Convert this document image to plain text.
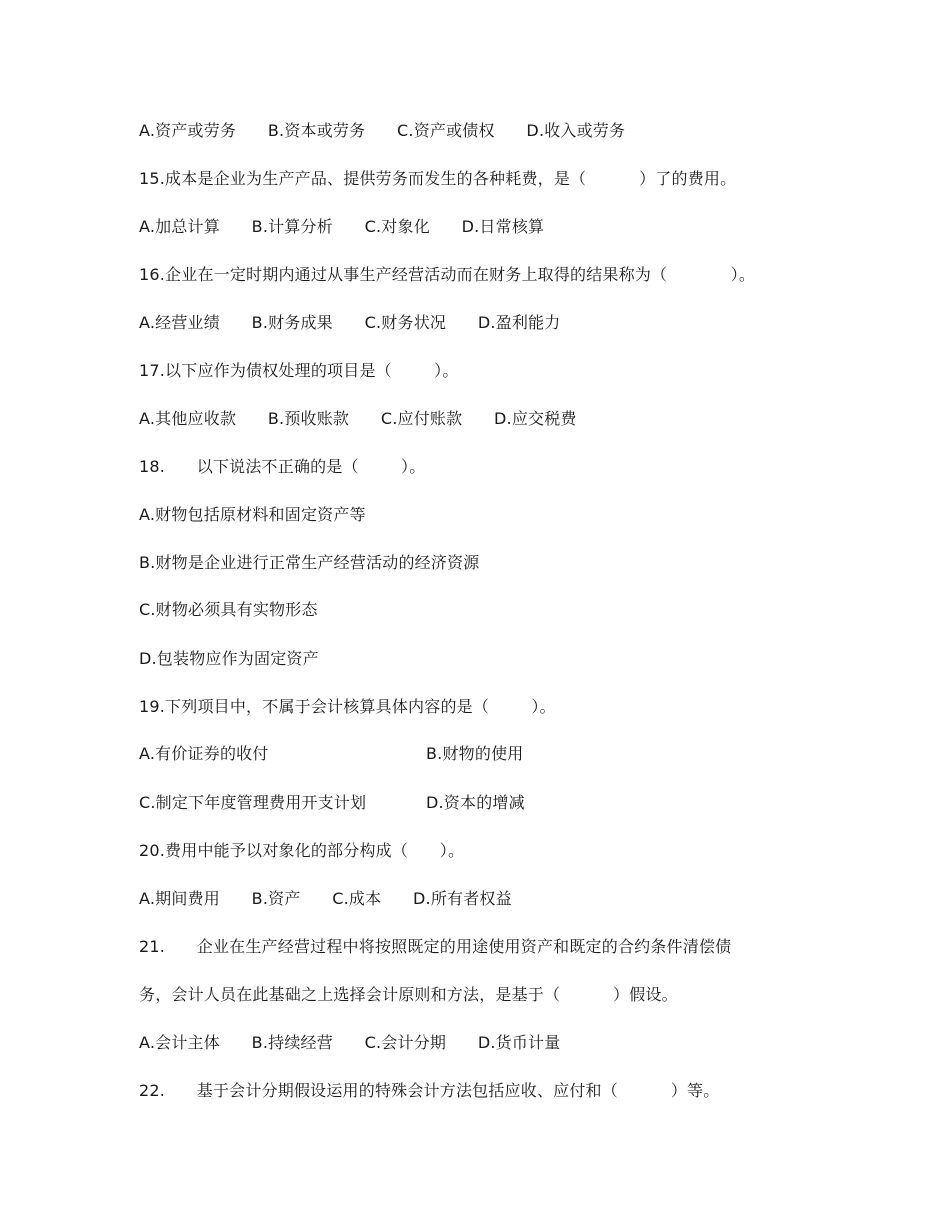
A.资产或劳务      B.资本或劳务      C.资产或债权      D.收入或劳务
15.成本是企业为生产产品、提供劳务而发生的各种耗费，是（          ）了的费用。
A.加总计算      B.计算分析      C.对象化      D.日常核算
16.企业在一定时期内通过从事生产经营活动而在财务上取得的结果称为（            ）。
A.经营业绩      B.财务成果      C.财务状况      D.盈利能力
17.以下应作为债权处理的项目是（        ）。
A.其他应收款      B.预收账款      C.应付账款      D.应交税费
18.      以下说法不正确的是（        ）。
A.财物包括原材料和固定资产等
B.财物是企业进行正常生产经营活动的经济资源
C.财物必须具有实物形态
D.包装物应作为固定资产
19.下列项目中，不属于会计核算具体内容的是（        ）。
A.有价证券的收付	B.财物的使用
C.制定下年度管理费用开支计划	D.资本的增减
20.费用中能予以对象化的部分构成（      ）。
A.期间费用      B.资产      C.成本      D.所有者权益
21.      企业在生产经营过程中将按照既定的用途使用资产和既定的合约条件清偿债
务，会计人员在此基础之上选择会计原则和方法，是基于（          ）假设。
A.会计主体      B.持续经营      C.会计分期      D.货币计量
22.      基于会计分期假设运用的特殊会计方法包括应收、应付和（          ）等。
